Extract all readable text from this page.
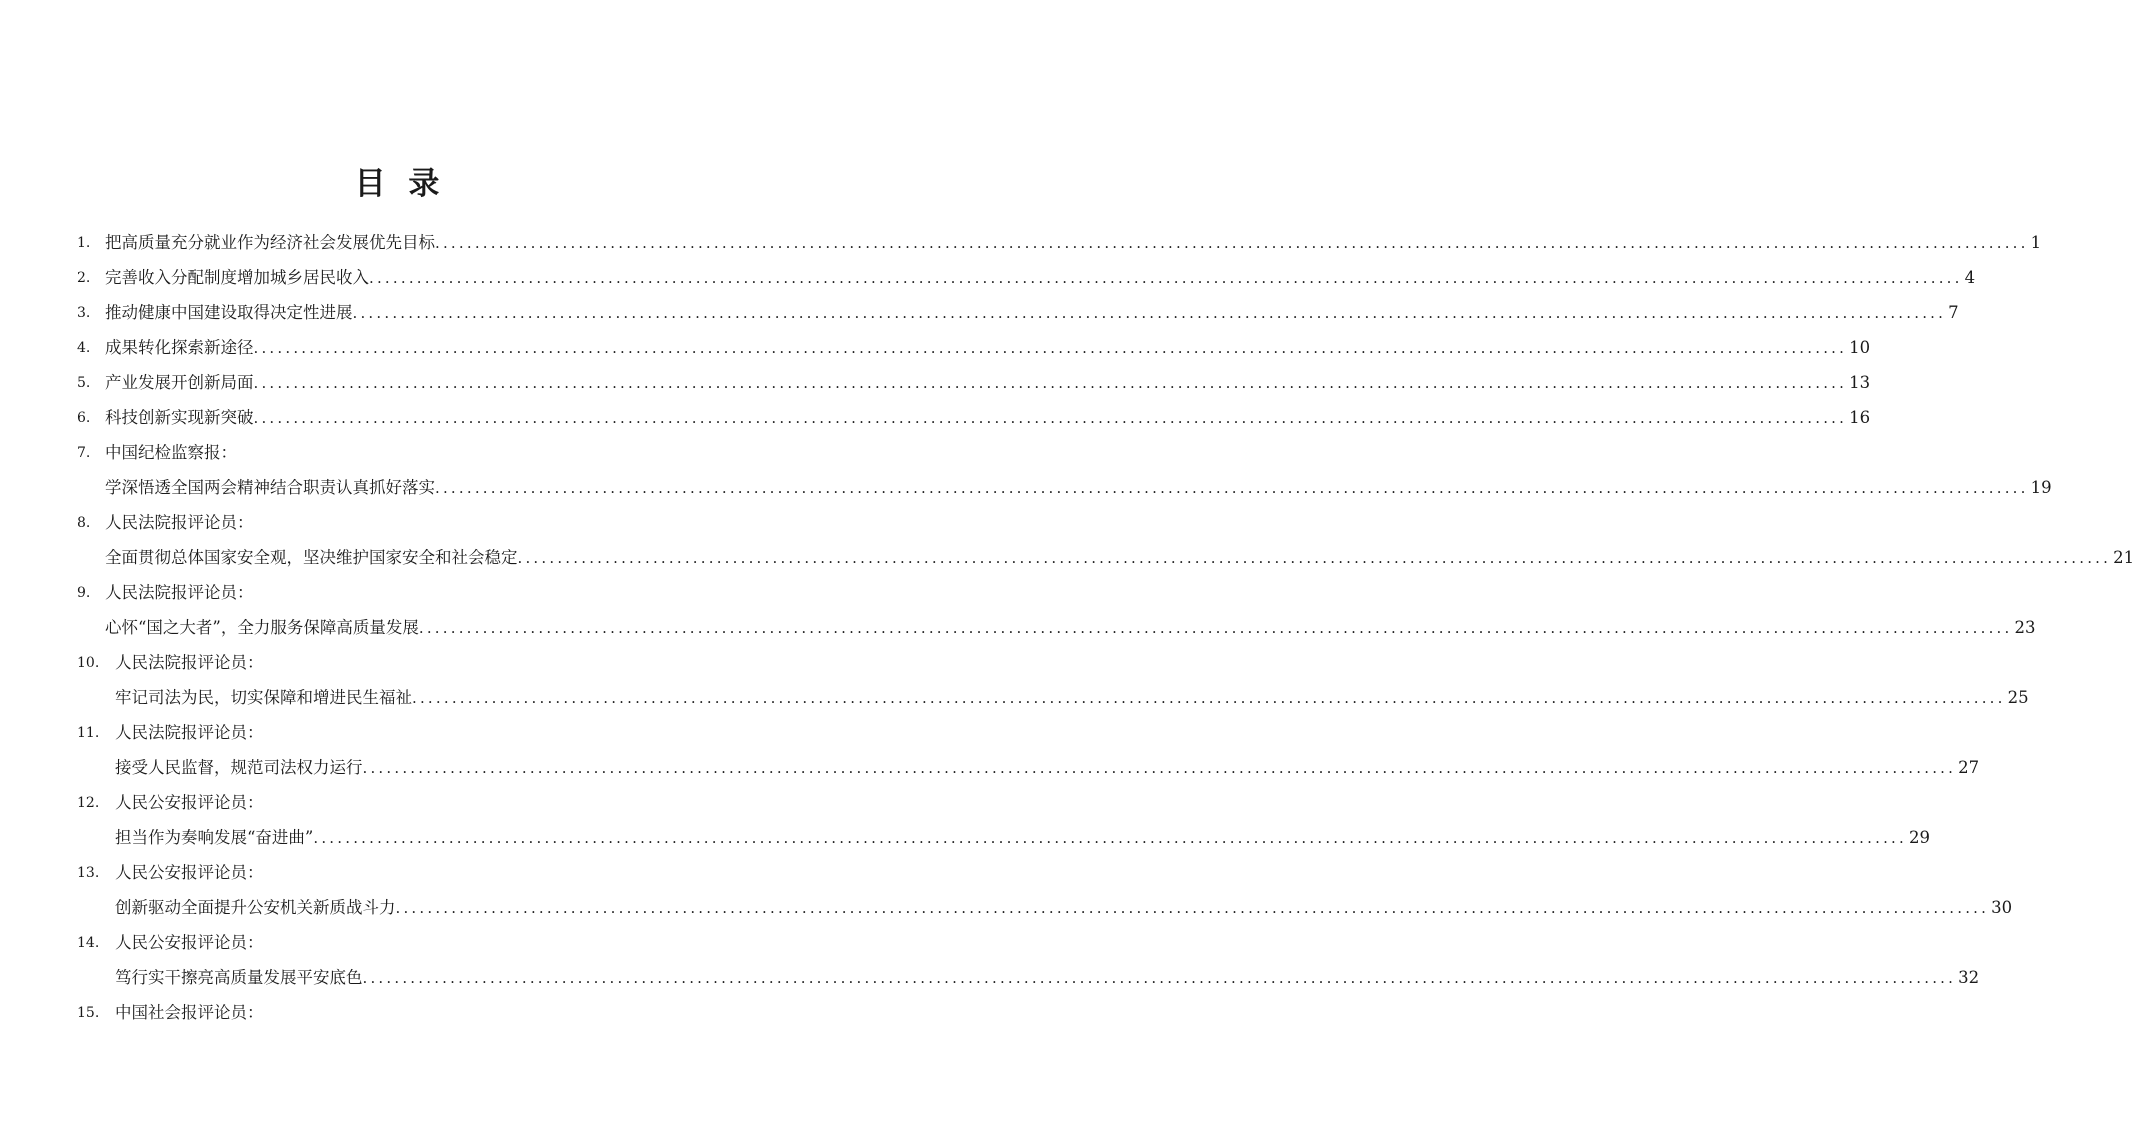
目 录
1. 把高质量充分就业作为经济社会发展优先目标 ........................................................................................................................................................................................................ 1
2. 完善收入分配制度增加城乡居民收入 ........................................................................................................................................................................................................ 4
3. 推动健康中国建设取得决定性进展 ........................................................................................................................................................................................................ 7
4. 成果转化探索新途径 ........................................................................................................................................................................................................ 10
5. 产业发展开创新局面 ........................................................................................................................................................................................................ 13
6. 科技创新实现新突破 ........................................................................................................................................................................................................ 16
7. 中国纪检监察报：
学深悟透全国两会精神结合职责认真抓好落实 ........................................................................................................................................................................................................ 19
8. 人民法院报评论员：
全面贯彻总体国家安全观，坚决维护国家安全和社会稳定 ........................................................................................................................................................................................................ 21
9. 人民法院报评论员：
心怀“国之大者”，全力服务保障高质量发展 ........................................................................................................................................................................................................ 23
10. 人民法院报评论员：
牢记司法为民，切实保障和增进民生福祉 ........................................................................................................................................................................................................ 25
11. 人民法院报评论员：
接受人民监督，规范司法权力运行 ........................................................................................................................................................................................................ 27
12. 人民公安报评论员：
担当作为奏响发展“奋进曲” ........................................................................................................................................................................................................ 29
13. 人民公安报评论员：
创新驱动全面提升公安机关新质战斗力 ........................................................................................................................................................................................................ 30
14. 人民公安报评论员：
笃行实干擦亮高质量发展平安底色 ........................................................................................................................................................................................................ 32
15. 中国社会报评论员：
